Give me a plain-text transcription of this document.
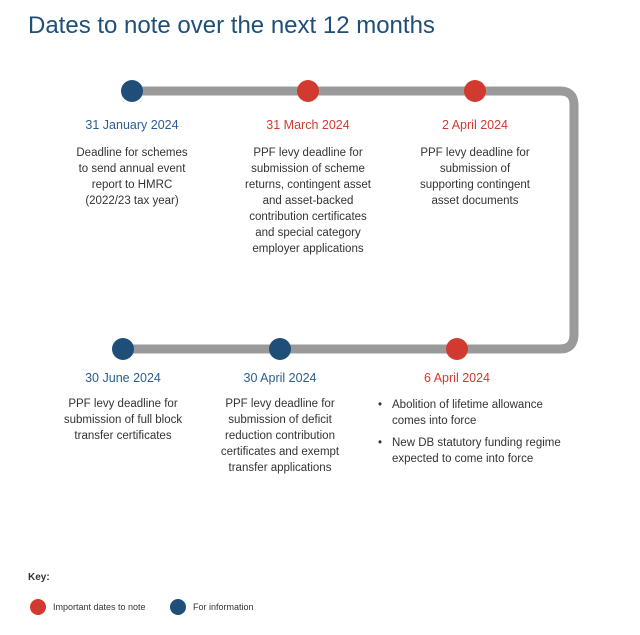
Dates to note over the next 12 months
31 January 2024
Deadline for schemes
to send annual event
report to HMRC
(2022/23 tax year)
31 March 2024
PPF levy deadline for
submission of scheme
returns, contingent asset
and asset-backed
contribution certificates
and special category
employer applications
2 April 2024
PPF levy deadline for
submission of
supporting contingent
asset documents
30 June 2024
PPF levy deadline for
submission of full block
transfer certificates
30 April 2024
PPF levy deadline for
submission of deficit
reduction contribution
certificates and exempt
transfer applications
6 April 2024
• Abolition of lifetime allowance comes into force
• New DB statutory funding regime expected to come into force
Key:
Important dates to note	For information
